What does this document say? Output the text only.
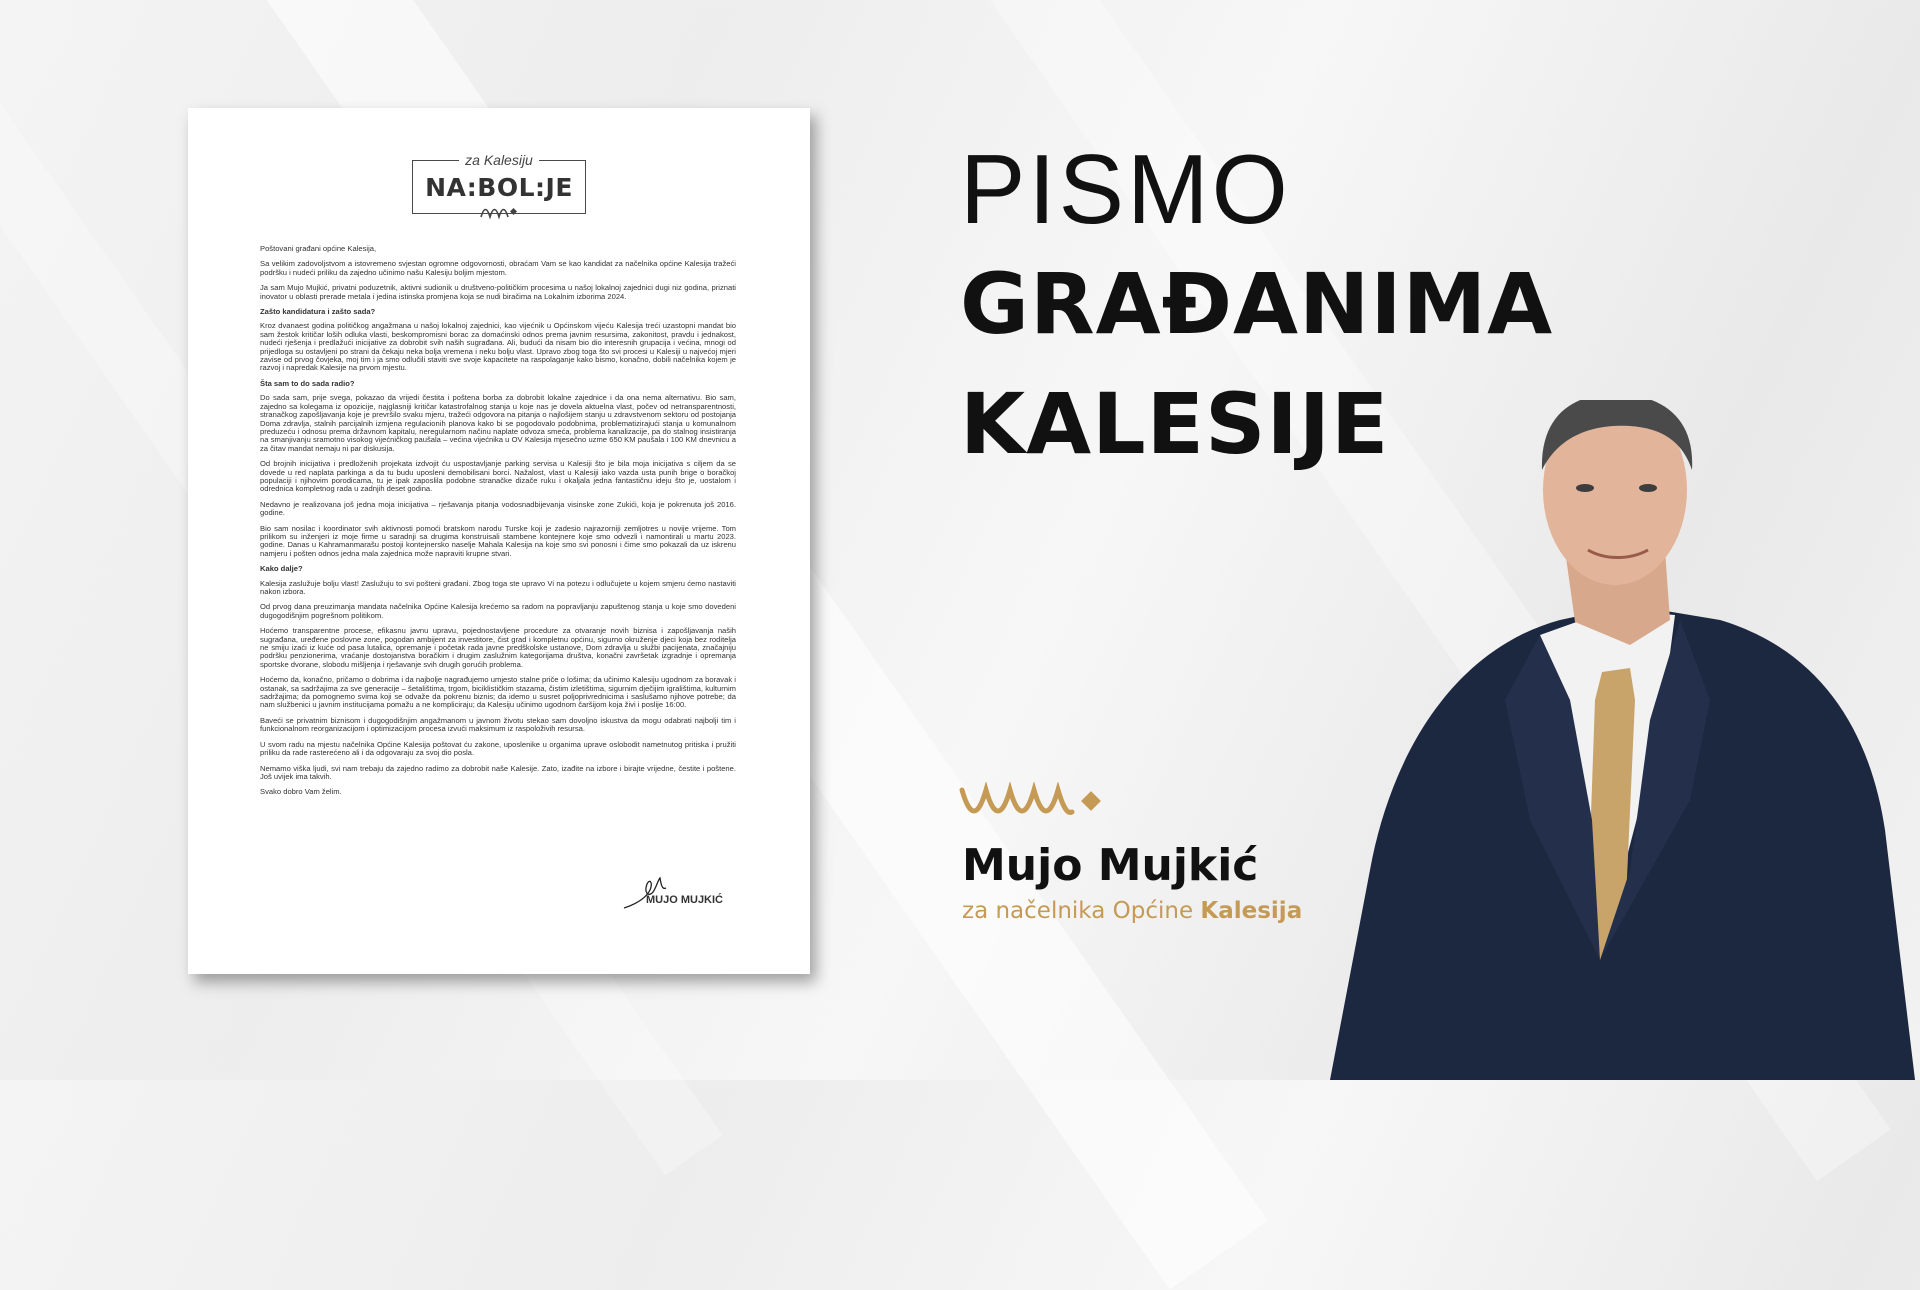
za Kalesiju
NA:BOL:JE

Poštovani građani općine Kalesija,

Sa velikim zadovoljstvom a istovremeno svjestan ogromne odgovornosti, obraćam Vam se kao kandidat za načelnika općine Kalesija tražeći podršku i nudeći priliku da zajedno učinimo našu Kalesiju boljim mjestom.

Ja sam Mujo Mujkić, privatni poduzetnik, aktivni sudionik u društveno-političkim procesima u našoj lokalnoj zajednici dugi niz godina, priznati inovator u oblasti prerade metala i jedina istinska promjena koja se nudi biračima na Lokalnim izborima 2024.

Zašto kandidatura i zašto sada?

Kroz dvanaest godina političkog angažmana u našoj lokalnoj zajednici, kao vijećnik u Općinskom vijeću Kalesija treći uzastopni mandat bio sam žestok kritičar loših odluka vlasti, beskompromisni borac za domaćinski odnos prema javnim resursima, zakonitost, pravdu i jednakost, nudeći rješenja i predlažući inicijative za dobrobit svih naših sugrađana. Ali, budući da nisam bio dio interesnih grupacija i većina, mnogi od prijedloga su ostavljeni po strani da čekaju neka bolja vremena i neku bolju vlast. Upravo zbog toga što svi procesi u Kalesiji u najvećoj mjeri zavise od prvog čovjeka, moj tim i ja smo odlučili staviti sve svoje kapacitete na raspolaganje kako bismo, konačno, dobili načelnika kojem je razvoj i napredak Kalesije na prvom mjestu.

Šta sam to do sada radio?

Do sada sam, prije svega, pokazao da vrijedi čestita i poštena borba za dobrobit lokalne zajednice i da ona nema alternativu. Bio sam, zajedno sa kolegama iz opozicije, najglasniji kritičar katastrofalnog stanja u koje nas je dovela aktuelna vlast, počev od netransparentnosti, stranačkog zapošljavanja koje je prevršilo svaku mjeru, tražeći odgovora na pitanja o najlošijem stanju u zdravstvenom sektoru od postojanja Doma zdravlja, stalnih parcijalnih izmjena regulacionih planova kako bi se pogodovalo podobnima, problematizirajući stanja u komunalnom preduzeću i odnosu prema državnom kapitalu, neregularnom načinu naplate odvoza smeća, problema kanalizacije, pa do stalnog insistiranja na smanjivanju sramotno visokog vijećničkog paušala – većina vijećnika u OV Kalesija mjesečno uzme 650 KM paušala i 100 KM dnevnicu a za čitav mandat nemaju ni par diskusija.

Od brojnih inicijativa i predloženih projekata izdvojit ću uspostavljanje parking servisa u Kalesiji što je bila moja inicijativa s ciljem da se dovede u red naplata parkinga a da tu budu uposleni demobilisani borci. Nažalost, vlast u Kalesiji iako vazda usta punih brige o boračkoj populaciji i njihovim porodicama, tu je ipak zaposlila podobne stranačke dizače ruku i okaljala jedna fantastičnu ideju što je, uostalom i odrednica kompletnog rada u zadnjih deset godina.

Nedavno je realizovana još jedna moja inicijativa – rješavanja pitanja vodosnadbijevanja visinske zone Zukići, koja je pokrenuta još 2016. godine.

Bio sam nosilac i koordinator svih aktivnosti pomoći bratskom narodu Turske koji je zadesio najrazorniji zemljotres u novije vrijeme. Tom prilikom su inženjeri iz moje firme u saradnji sa drugima konstruisali stambene kontejnere koje smo odvezli i namontirali u martu 2023. godine. Danas u Kahramanmarašu postoji kontejnersko naselje Mahala Kalesija na koje smo svi ponosni i čime smo pokazali da uz iskrenu namjeru i pošten odnos jedna mala zajednica može napraviti krupne stvari.

Kako dalje?

Kalesija zaslužuje bolju vlast! Zaslužuju to svi pošteni građani. Zbog toga ste upravo Vi na potezu i odlučujete u kojem smjeru ćemo nastaviti nakon izbora.

Od prvog dana preuzimanja mandata načelnika Općine Kalesija krećemo sa radom na popravljanju zapuštenog stanja u koje smo dovedeni dugogodišnjim pogrešnom politikom.

Hoćemo transparentne procese, efikasnu javnu upravu, pojednostavljene procedure za otvaranje novih biznisa i zapošljavanja naših sugrađana, uređene poslovne zone, pogodan ambijent za investitore, čist grad i kompletnu općinu, sigurno okruženje djeci koja bez roditelja ne smiju izaći iz kuće od pasa lutalica, opremanje i početak rada javne predškolske ustanove, Dom zdravlja u službi pacijenata, značajniju podršku penzionerima, vraćanje dostojanstva boračkim i drugim zaslužnim kategorijama društva, konačni završetak izgradnje i opremanja sportske dvorane, slobodu mišljenja i rješavanje svih drugih gorućih problema.

Hoćemo da, konačno, pričamo o dobrima i da najbolje nagrađujemo umjesto stalne priče o lošima; da učinimo Kalesiju ugodnom za boravak i ostanak, sa sadržajima za sve generacije – šetalištima, trgom, biciklističkim stazama, čistim izletištima, sigurnim dječijim igralištima, kulturnim sadržajima; da pomognemo svima koji se odvaže da pokrenu biznis; da idemo u susret poljoprivrednicima i saslušamo njihove potrebe; da nam službenici u javnim institucijama pomažu a ne kompliciraju; da Kalesiju učinimo ugodnom čaršijom koja živi i poslije 16:00.

Baveći se privatnim biznisom i dugogodišnjim angažmanom u javnom životu stekao sam dovoljno iskustva da mogu odabrati najbolji tim i funkcionalnom reorganizacijom i optimizacijom procesa izvući maksimum iz raspoloživih resursa.

U svom radu na mjestu načelnika Općine Kalesija poštovat ću zakone, uposlenike u organima uprave oslobodit nametnutog pritiska i pružiti priliku da rade rasterećeno ali i da odgovaraju za svoj dio posla.

Nemamo viška ljudi, svi nam trebaju da zajedno radimo za dobrobit naše Kalesije. Zato, izađite na izbore i birajte vrijedne, čestite i poštene. Još uvijek ima takvih.

Svako dobro Vam želim.

MUJO MUJKIĆ
PISMO
GRAĐANIMA
KALESIJE
Mujo Mujkić
za načelnika Općine Kalesija
